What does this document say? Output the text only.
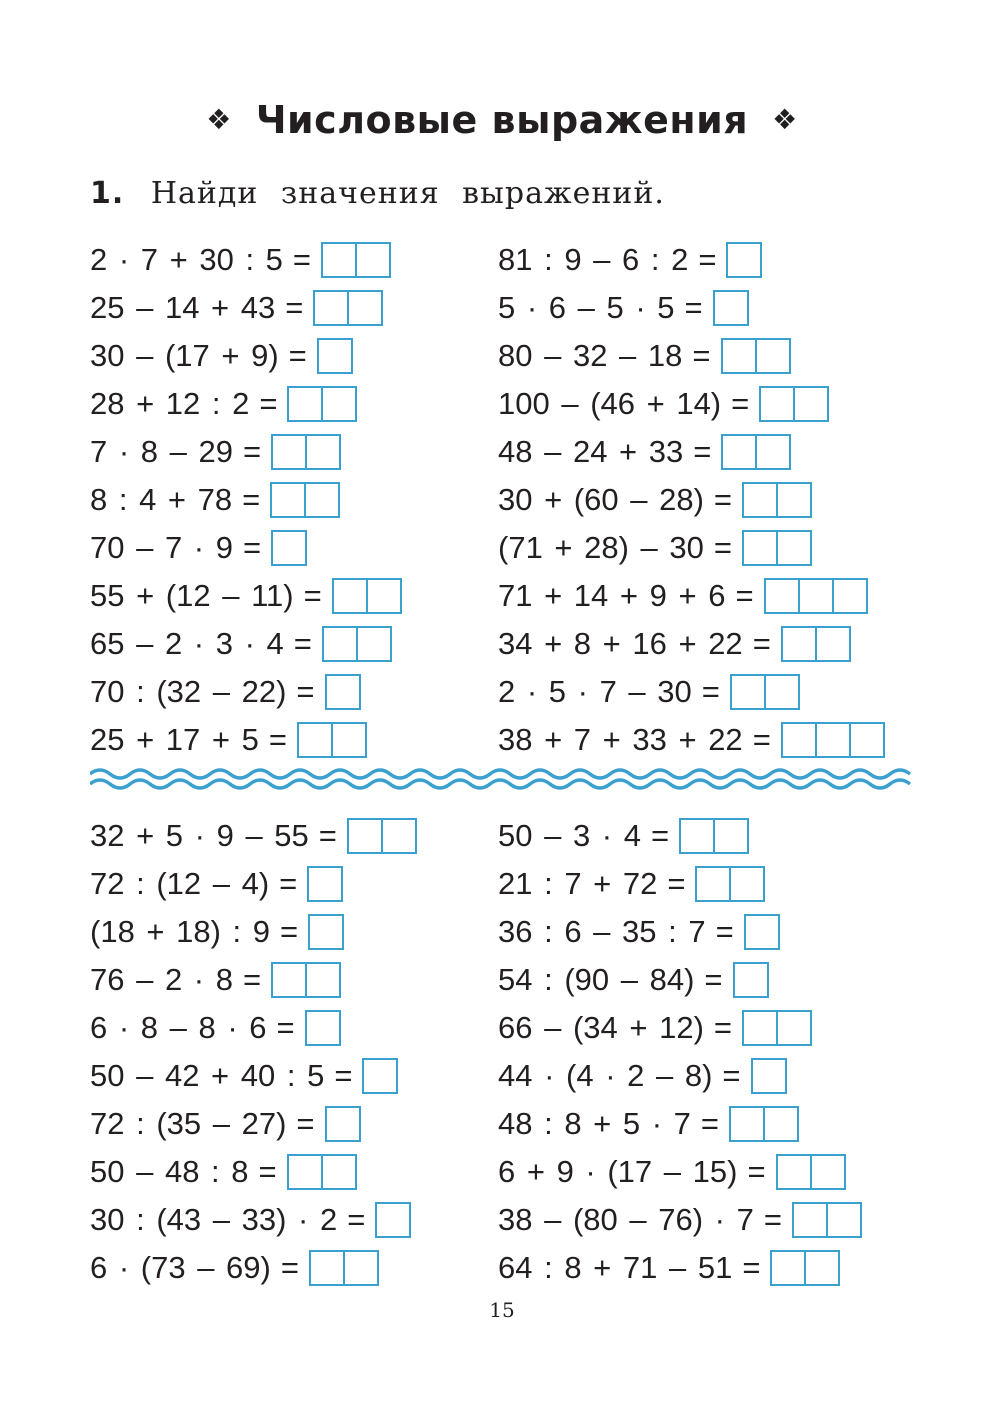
❖ Числовые выражения ❖
1. Найди значения выражений.
2 · 7 + 30 : 5 =
25 – 14 + 43 =
30 – (17 + 9) =
28 + 12 : 2 =
7 · 8 – 29 =
8 : 4 + 78 =
70 – 7 · 9 =
55 + (12 – 11) =
65 – 2 · 3 · 4 =
70 : (32 – 22) =
25 + 17 + 5 =
81 : 9 – 6 : 2 =
5 · 6 – 5 · 5 =
80 – 32 – 18 =
100 – (46 + 14) =
48 – 24 + 33 =
30 + (60 – 28) =
(71 + 28) – 30 =
71 + 14 + 9 + 6 =
34 + 8 + 16 + 22 =
2 · 5 · 7 – 30 =
38 + 7 + 33 + 22 =
32 + 5 · 9 – 55 =
72 : (12 – 4) =
(18 + 18) : 9 =
76 – 2 · 8 =
6 · 8 – 8 · 6 =
50 – 42 + 40 : 5 =
72 : (35 – 27) =
50 – 48 : 8 =
30 : (43 – 33) · 2 =
6 · (73 – 69) =
50 – 3 · 4 =
21 : 7 + 72 =
36 : 6 – 35 : 7 =
54 : (90 – 84) =
66 – (34 + 12) =
44 · (4 · 2 – 8) =
48 : 8 + 5 · 7 =
6 + 9 · (17 – 15) =
38 – (80 – 76) · 7 =
64 : 8 + 71 – 51 =
15
